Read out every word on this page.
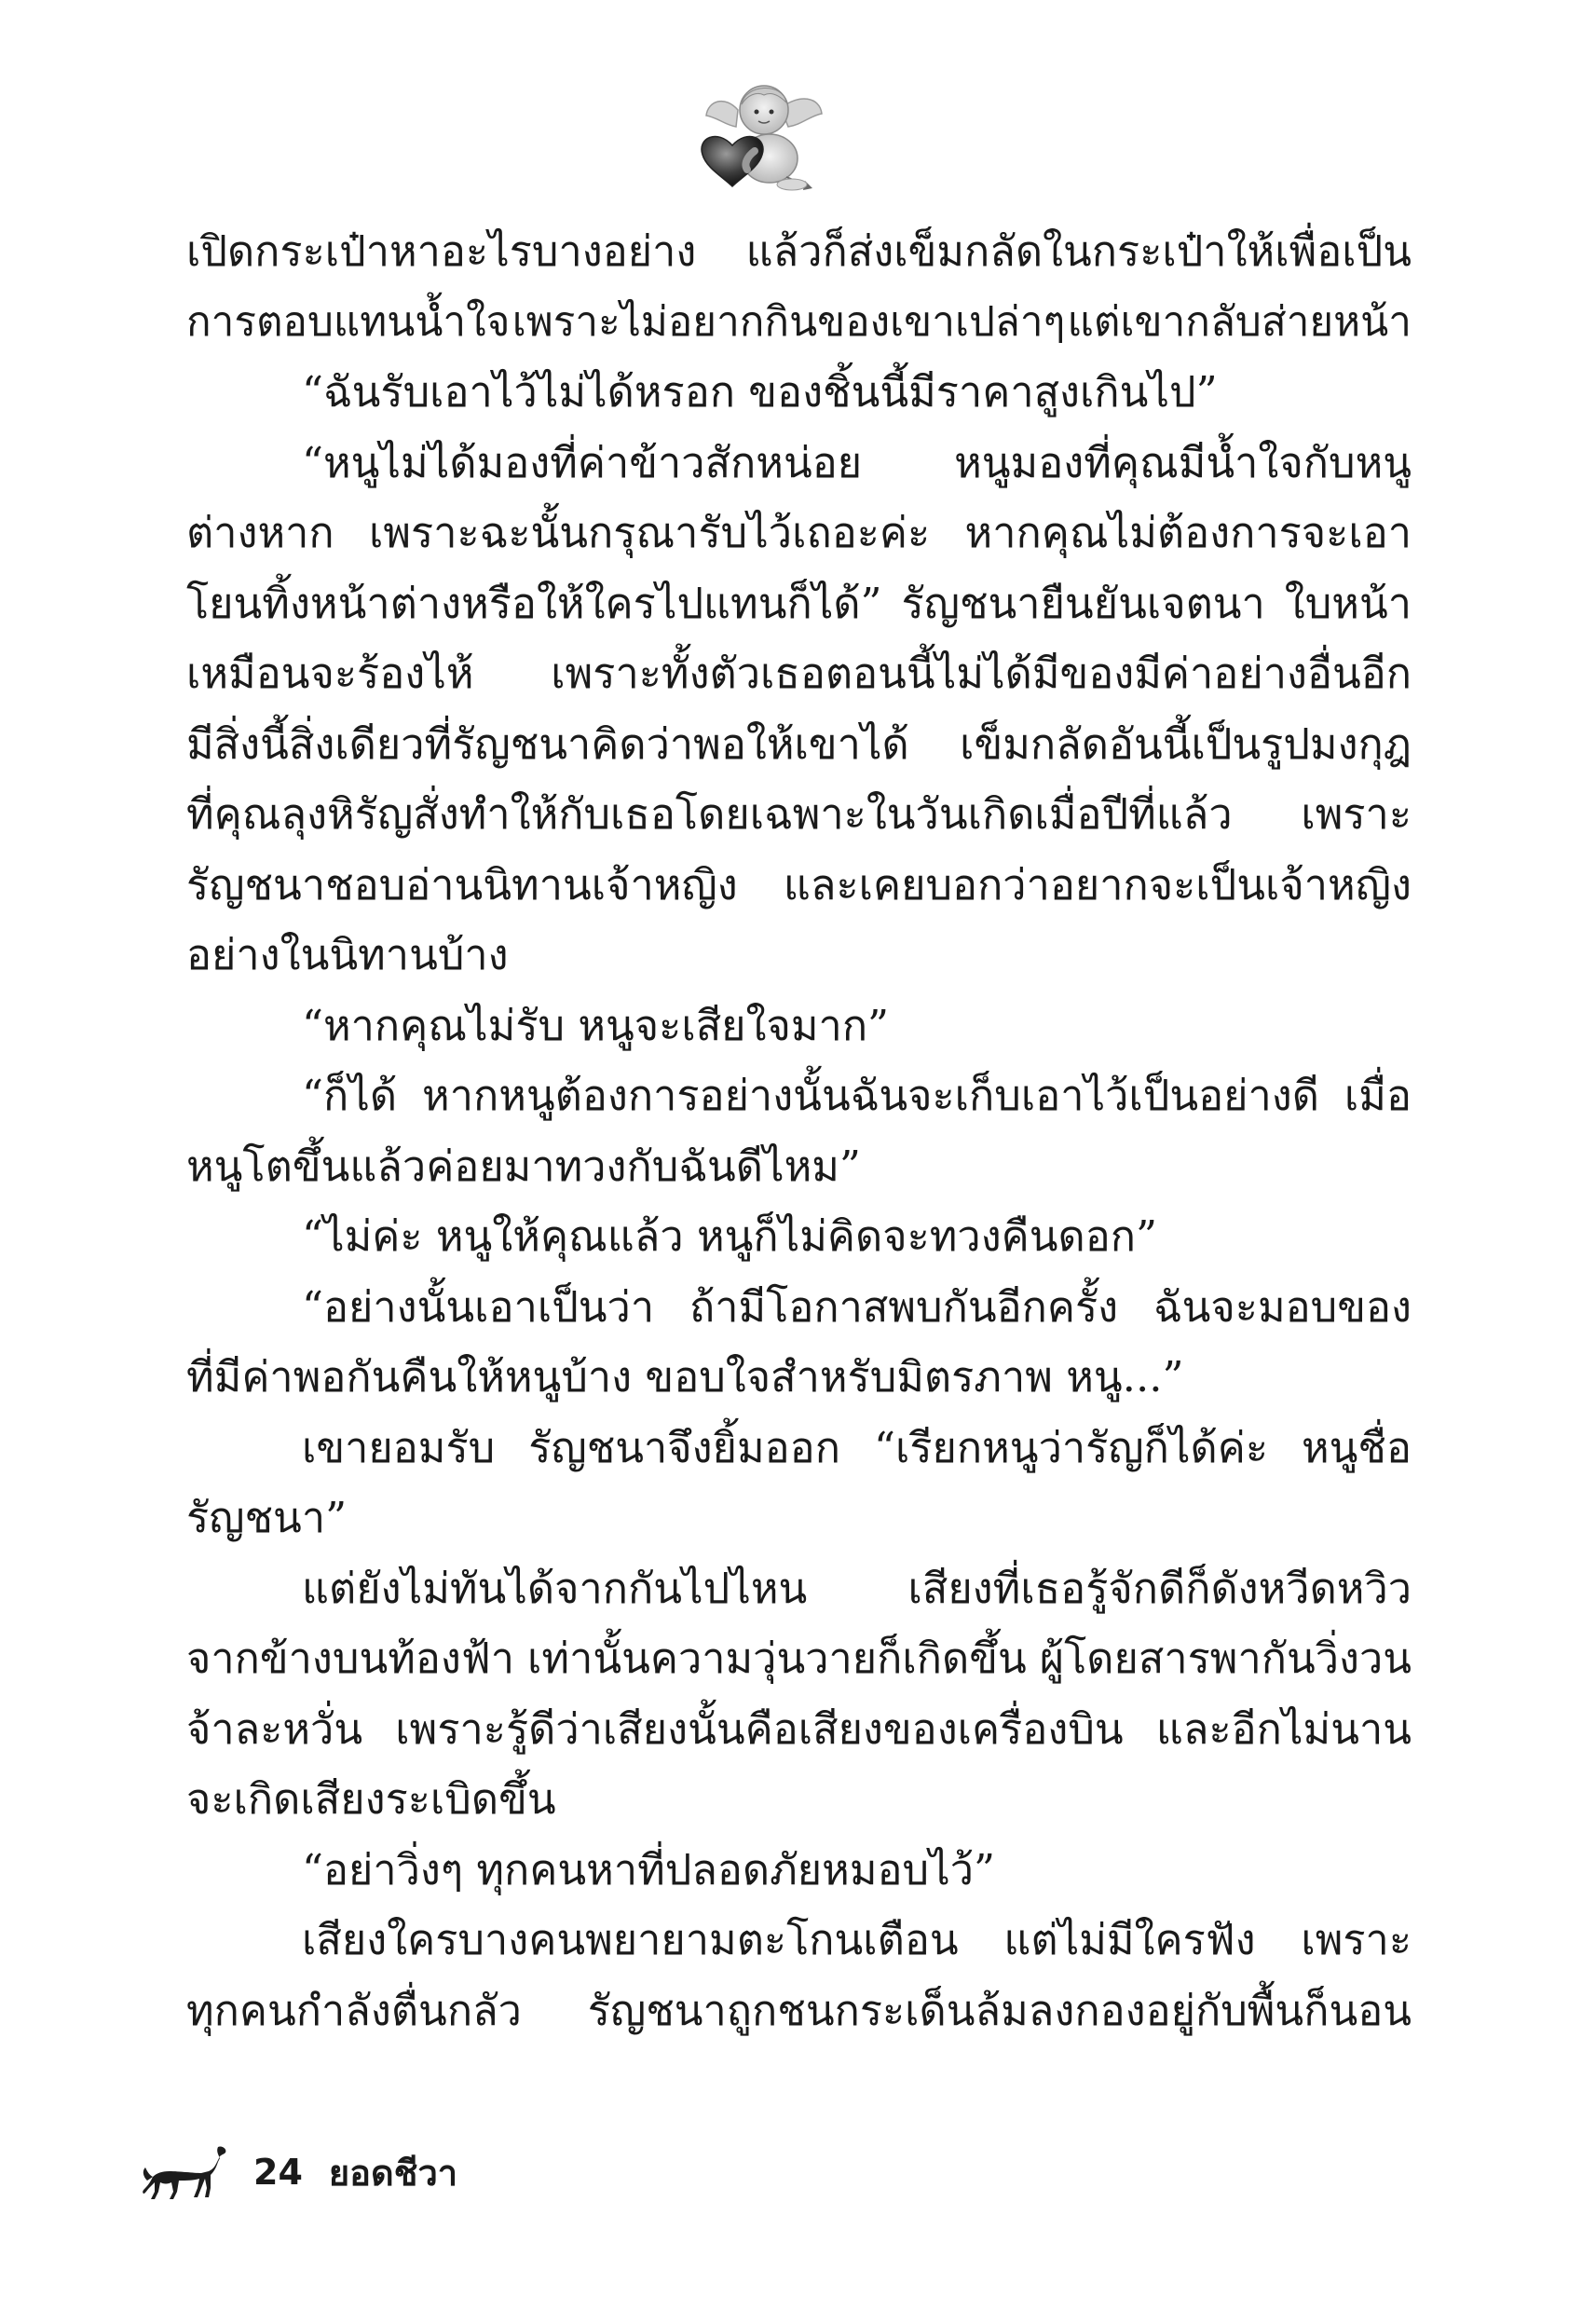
เปิดกระเป๋าหาอะไรบางอย่าง แล้วก็ส่งเข็มกลัดในกระเป๋าให้เพื่อเป็น
การตอบแทนน้ำใจ เพราะไม่อยากกินของเขาเปล่าๆ แต่เขากลับส่ายหน้า
“ฉันรับเอาไว้ไม่ได้หรอก ของชิ้นนี้มีราคาสูงเกินไป”
“หนูไม่ได้มองที่ค่าข้าวสักหน่อย หนูมองที่คุณมีน้ำใจกับหนู
ต่างหาก เพราะฉะนั้นกรุณารับไว้เถอะค่ะ หากคุณไม่ต้องการจะเอา
โยนทิ้งหน้าต่างหรือให้ใครไปแทนก็ได้” รัญชนายืนยันเจตนา ใบหน้า
เหมือนจะร้องไห้ เพราะทั้งตัวเธอตอนนี้ไม่ได้มีของมีค่าอย่างอื่นอีก
มีสิ่งนี้สิ่งเดียวที่รัญชนาคิดว่าพอให้เขาได้ เข็มกลัดอันนี้เป็นรูปมงกุฎ
ที่คุณลุงหิรัญสั่งทำให้กับเธอโดยเฉพาะในวันเกิดเมื่อปีที่แล้ว เพราะ
รัญชนาชอบอ่านนิทานเจ้าหญิง และเคยบอกว่าอยากจะเป็นเจ้าหญิง
อย่างในนิทานบ้าง
“หากคุณไม่รับ หนูจะเสียใจมาก”
“ก็ได้ หากหนูต้องการอย่างนั้นฉันจะเก็บเอาไว้เป็นอย่างดี เมื่อ
หนูโตขึ้นแล้วค่อยมาทวงกับฉันดีไหม”
“ไม่ค่ะ หนูให้คุณแล้ว หนูก็ไม่คิดจะทวงคืนดอก”
“อย่างนั้นเอาเป็นว่า ถ้ามีโอกาสพบกันอีกครั้ง ฉันจะมอบของ
ที่มีค่าพอกันคืนให้หนูบ้าง ขอบใจสำหรับมิตรภาพ หนู...”
เขายอมรับ รัญชนาจึงยิ้มออก “เรียกหนูว่ารัญก็ได้ค่ะ หนูชื่อ
รัญชนา”
แต่ยังไม่ทันได้จากกันไปไหน เสียงที่เธอรู้จักดีก็ดังหวีดหวิว
จากข้างบนท้องฟ้า เท่านั้นความวุ่นวายก็เกิดขึ้น ผู้โดยสารพากันวิ่งวน
จ้าละหวั่น เพราะรู้ดีว่าเสียงนั้นคือเสียงของเครื่องบิน และอีกไม่นาน
จะเกิดเสียงระเบิดขึ้น
“อย่าวิ่งๆ ทุกคนหาที่ปลอดภัยหมอบไว้”
เสียงใครบางคนพยายามตะโกนเตือน แต่ไม่มีใครฟัง เพราะ
ทุกคนกำลังตื่นกลัว รัญชนาถูกชนกระเด็นล้มลงกองอยู่กับพื้นก็นอน
24 ยอดชีวา
